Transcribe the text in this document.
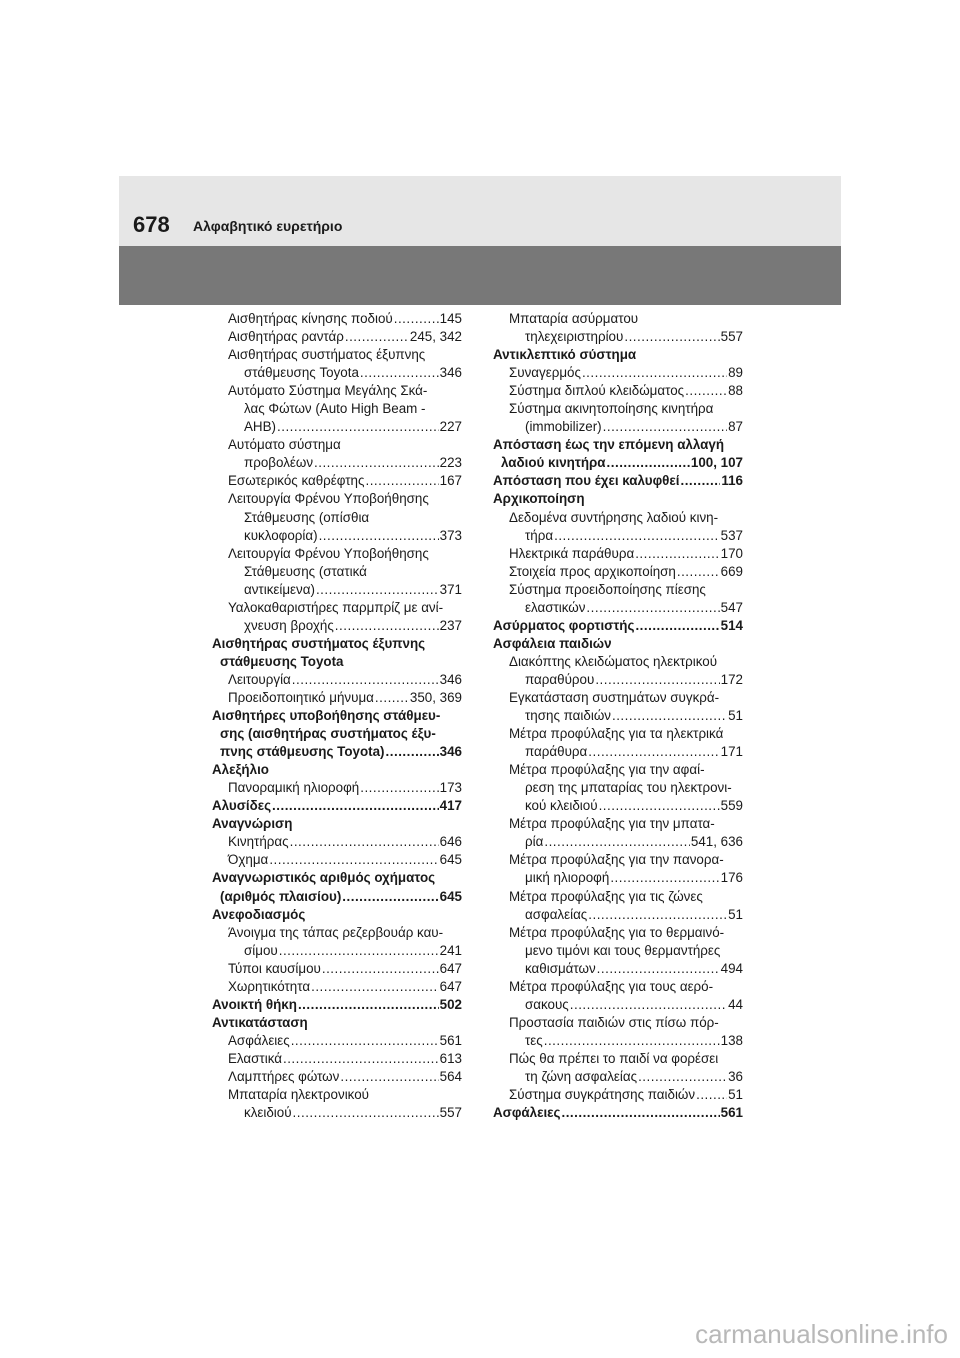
678 Αλφαβητικό ευρετήριο
Αισθητήρας κίνησης ποδιού .....	145
Αισθητήρας ραντάρ .....	245, 342
Αισθητήρας συστήματος έξυπνης
στάθμευσης Toyota .....	346
Αυτόματο Σύστημα Μεγάλης Σκά-
λας Φώτων (Auto High Beam -
AHB) .....	227
Αυτόματο σύστημα
προβολέων .....	223
Εσωτερικός καθρέφτης .....	167
Λειτουργία Φρένου Υποβοήθησης
Στάθμευσης (οπίσθια
κυκλοφορία) .....	373
Λειτουργία Φρένου Υποβοήθησης
Στάθμευσης (στατικά
αντικείμενα) .....	371
Υαλοκαθαριστήρες παρμπρίζ με ανί-
χνευση βροχής .....	237
Αισθητήρας συστήματος έξυπνης
στάθμευσης Toyota
Λειτουργία .....	346
Προειδοποιητικό μήνυμα .....	350, 369
Αισθητήρες υποβοήθησης στάθμευ-
σης (αισθητήρας συστήματος έξυ-
πνης στάθμευσης Toyota) .....	346
Αλεξήλιο
Πανοραμική ηλιοροφή .....	173
Αλυσίδες .....	417
Αναγνώριση
Κινητήρας .....	646
Όχημα .....	645
Αναγνωριστικός αριθμός οχήματος
(αριθμός πλαισίου) .....	645
Ανεφοδιασμός
Άνοιγμα της τάπας ρεζερβουάρ καυ-
σίμου .....	241
Τύποι καυσίμου .....	647
Χωρητικότητα .....	647
Ανοικτή θήκη .....	502
Αντικατάσταση
Ασφάλειες .....	561
Ελαστικά .....	613
Λαμπτήρες φώτων .....	564
Μπαταρία ηλεκτρονικού
κλειδιού .....	557
Μπαταρία ασύρματου
τηλεχειριστηρίου .....	557
Αντικλεπτικό σύστημα
Συναγερμός .....	89
Σύστημα διπλού κλειδώματος .....	88
Σύστημα ακινητοποίησης κινητήρα
(immobilizer) .....	87
Απόσταση έως την επόμενη αλλαγή
λαδιού κινητήρα .....	100, 107
Απόσταση που έχει καλυφθεί .....	116
Αρχικοποίηση
Δεδομένα συντήρησης λαδιού κινη-
τήρα .....	537
Ηλεκτρικά παράθυρα .....	170
Στοιχεία προς αρχικοποίηση .....	669
Σύστημα προειδοποίησης πίεσης
ελαστικών .....	547
Ασύρματος φορτιστής .....	514
Ασφάλεια παιδιών
Διακόπτης κλειδώματος ηλεκτρικού
παραθύρου .....	172
Εγκατάσταση συστημάτων συγκρά-
τησης παιδιών .....	51
Μέτρα προφύλαξης για τα ηλεκτρικά
παράθυρα .....	171
Μέτρα προφύλαξης για την αφαί-
ρεση της μπαταρίας του ηλεκτρονι-
κού κλειδιού .....	559
Μέτρα προφύλαξης για την μπατα-
ρία .....	541, 636
Μέτρα προφύλαξης για την πανορα-
μική ηλιοροφή .....	176
Μέτρα προφύλαξης για τις ζώνες
ασφαλείας .....	51
Μέτρα προφύλαξης για το θερμαινό-
μενο τιμόνι και τους θερμαντήρες
καθισμάτων .....	494
Μέτρα προφύλαξης για τους αερό-
σακους .....	44
Προστασία παιδιών στις πίσω πόρ-
τες .....	138
Πώς θα πρέπει το παιδί να φορέσει
τη ζώνη ασφαλείας .....	36
Σύστημα συγκράτησης παιδιών ..... 51
Ασφάλειες .....	561
carmanualsonline.info
